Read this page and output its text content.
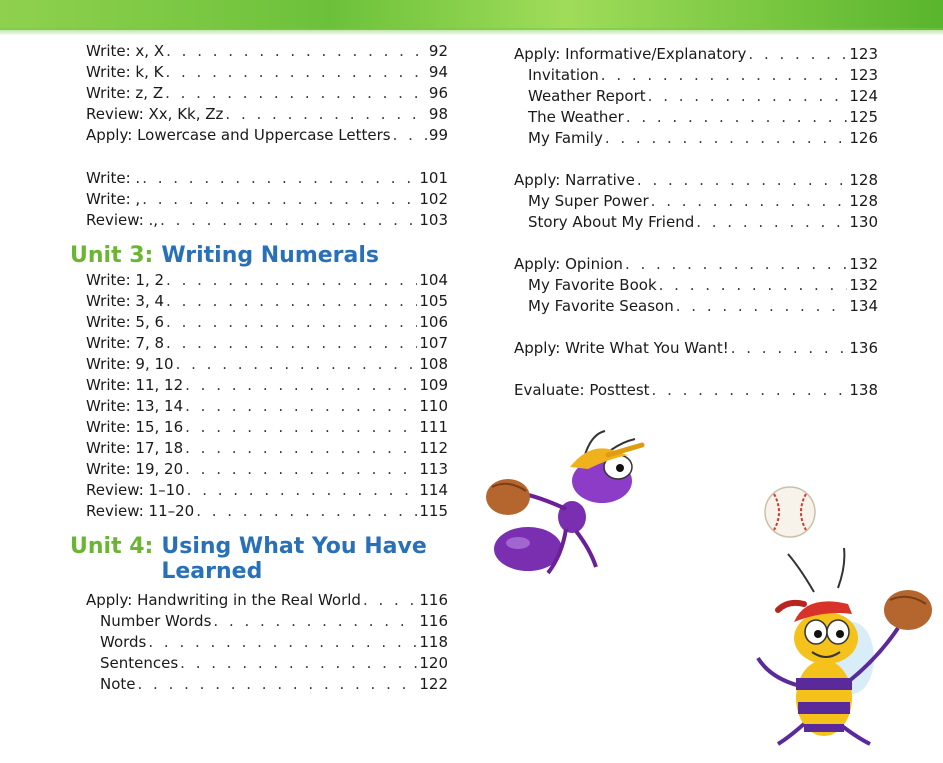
Write: x, X . . .	92
Write: k, K . . .	94
Write: z, Z . . .	96
Review: Xx, Kk, Zz . . .	98
Apply: Lowercase and Uppercase Letters . . .	99
Write: . . . .	101
Write: , . . .	102
Review: ., . . .	103
Unit 3: Writing Numerals
Write: 1, 2 . . .	104
Write: 3, 4 . . .	105
Write: 5, 6 . . .	106
Write: 7, 8 . . .	107
Write: 9, 10 . . .	108
Write: 11, 12 . . .	109
Write: 13, 14 . . .	110
Write: 15, 16 . . .	111
Write: 17, 18 . . .	112
Write: 19, 20 . . .	113
Review: 1–10 . . .	114
Review: 11–20 . . .	115
Unit 4: Using What You Have Learned
Apply: Handwriting in the Real World . . .	116
Number Words . . .	116
Words . . .	118
Sentences . . .	120
Note . . .	122
Apply: Informative/Explanatory . . .	123
Invitation . . .	123
Weather Report . . .	124
The Weather . . .	125
My Family . . .	126
Apply: Narrative . . .	128
My Super Power . . .	128
Story About My Friend . . .	130
Apply: Opinion . . .	132
My Favorite Book . . .	132
My Favorite Season . . .	134
Apply: Write What You Want! . . .	136
Evaluate: Posttest . . .	138
